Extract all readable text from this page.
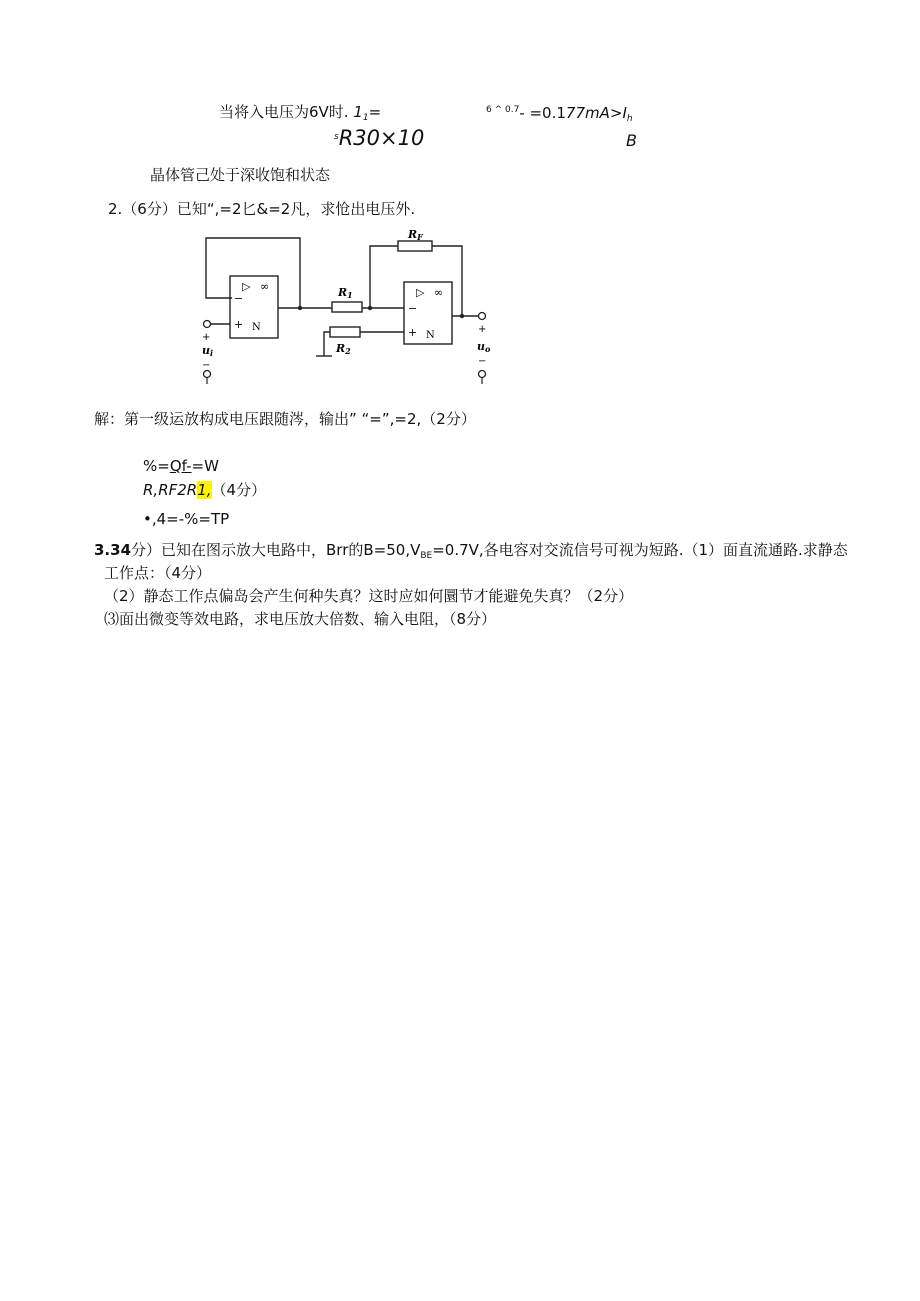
当将入电压为6V时. $1_1=$	$^{6 \^{} 0.7}- =0.177mA>I_h$
$^s$R30×10	B
晶体管己处于深收饱和状态
2.（6分）已知“,=2匕&=2凡，求怆出电压外.
▷ ∞
−
+ N
▷ ∞
−
+ N
RF
R1
R2
+
ui
−
+
uo
−
解：第一级运放构成电压跟随涔，输出” “=”,=2,（2分）
%=Qf-=W
R,RF2R1,（4分）
•,4=-%=TP
3.34分）已知在图示放大电路中，Brr的$B=50,V_{BE}=0.7V$,各电容对交流信号可视为短路.（1）面直流通路.求静态
工作点：（4分）
（2）静态工作点偏岛会产生何种失真？这时应如何圜节才能避免失真？（2分）
⑶面出微变等效电路，求电压放大倍数、输入电阻，（8分）
